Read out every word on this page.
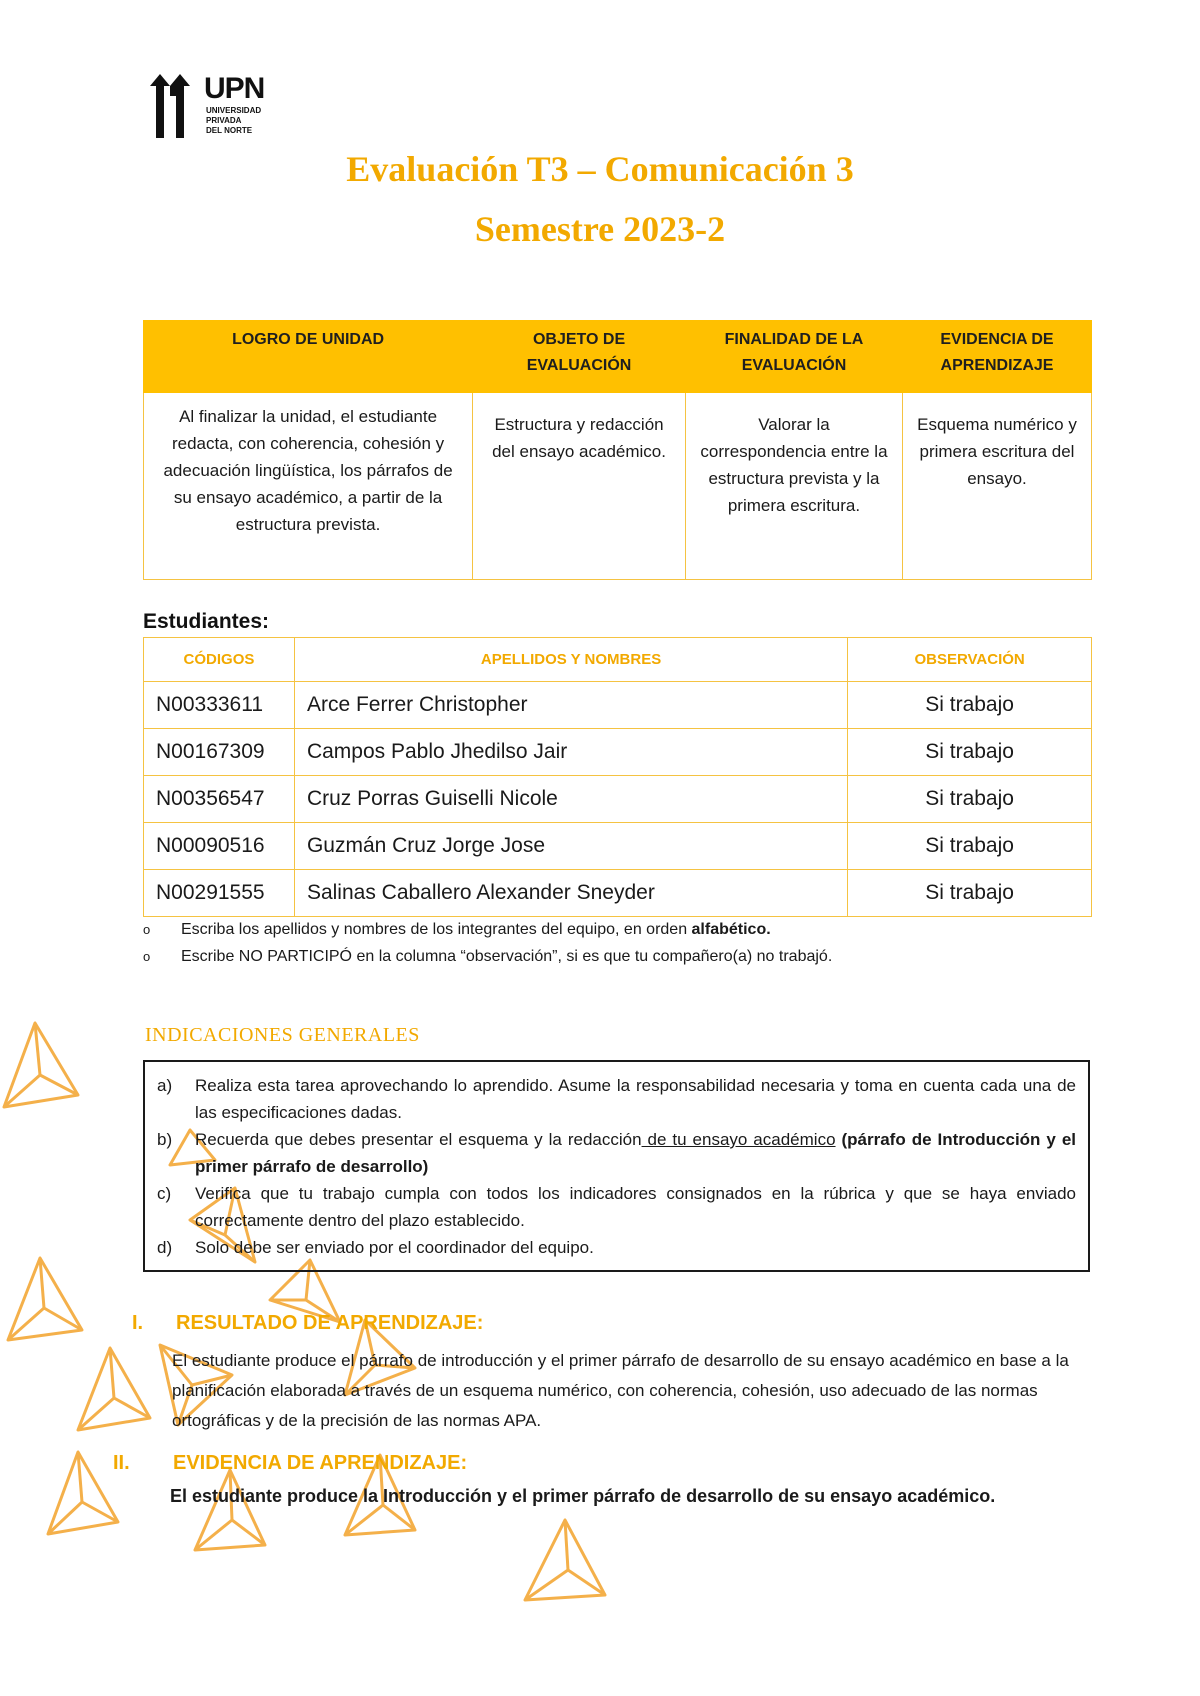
UPN
UNIVERSIDAD
PRIVADA
DEL NORTE
Evaluación T3 – Comunicación 3
Semestre 2023-2
LOGRO DE UNIDAD	OBJETO DE EVALUACIÓN	FINALIDAD DE LA EVALUACIÓN	EVIDENCIA DE APRENDIZAJE

Al finalizar la unidad, el estudiante redacta, con coherencia, cohesión y adecuación lingüística, los párrafos de su ensayo académico, a partir de la estructura prevista.	Estructura y redacción del ensayo académico.	Valorar la correspondencia entre la estructura prevista y la primera escritura.	Esquema numérico y primera escritura del ensayo.
Estudiantes:
CÓDIGOS	APELLIDOS Y NOMBRES	OBSERVACIÓN
N00333611	Arce Ferrer Christopher	Si trabajo
N00167309	Campos Pablo Jhedilso Jair	Si trabajo
N00356547	Cruz Porras Guiselli Nicole	Si trabajo
N00090516	Guzmán Cruz Jorge Jose	Si trabajo
N00291555	Salinas Caballero Alexander Sneyder	Si trabajo
o Escriba los apellidos y nombres de los integrantes del equipo, en orden alfabético.
o Escribe NO PARTICIPÓ en la columna “observación”, si es que tu compañero(a) no trabajó.
INDICACIONES GENERALES
a)	Realiza esta tarea aprovechando lo aprendido. Asume la responsabilidad necesaria y toma en cuenta cada una de las especificaciones dadas.
b)	Recuerda que debes presentar el esquema y la redacción de tu ensayo académico (párrafo de Introducción y el primer párrafo de desarrollo)
c)	Verifica que tu trabajo cumpla con todos los indicadores consignados en la rúbrica y que se haya enviado correctamente dentro del plazo establecido.
d)	Solo debe ser enviado por el coordinador del equipo.
I. RESULTADO DE APRENDIZAJE:
El estudiante produce el párrafo de introducción y el primer párrafo de desarrollo de su ensayo académico en base a la planificación elaborada a través de un esquema numérico, con coherencia, cohesión, uso adecuado de las normas ortográficas y de la precisión de las normas APA.
II. EVIDENCIA DE APRENDIZAJE:
El estudiante produce la Introducción y el primer párrafo de desarrollo de su ensayo académico.
